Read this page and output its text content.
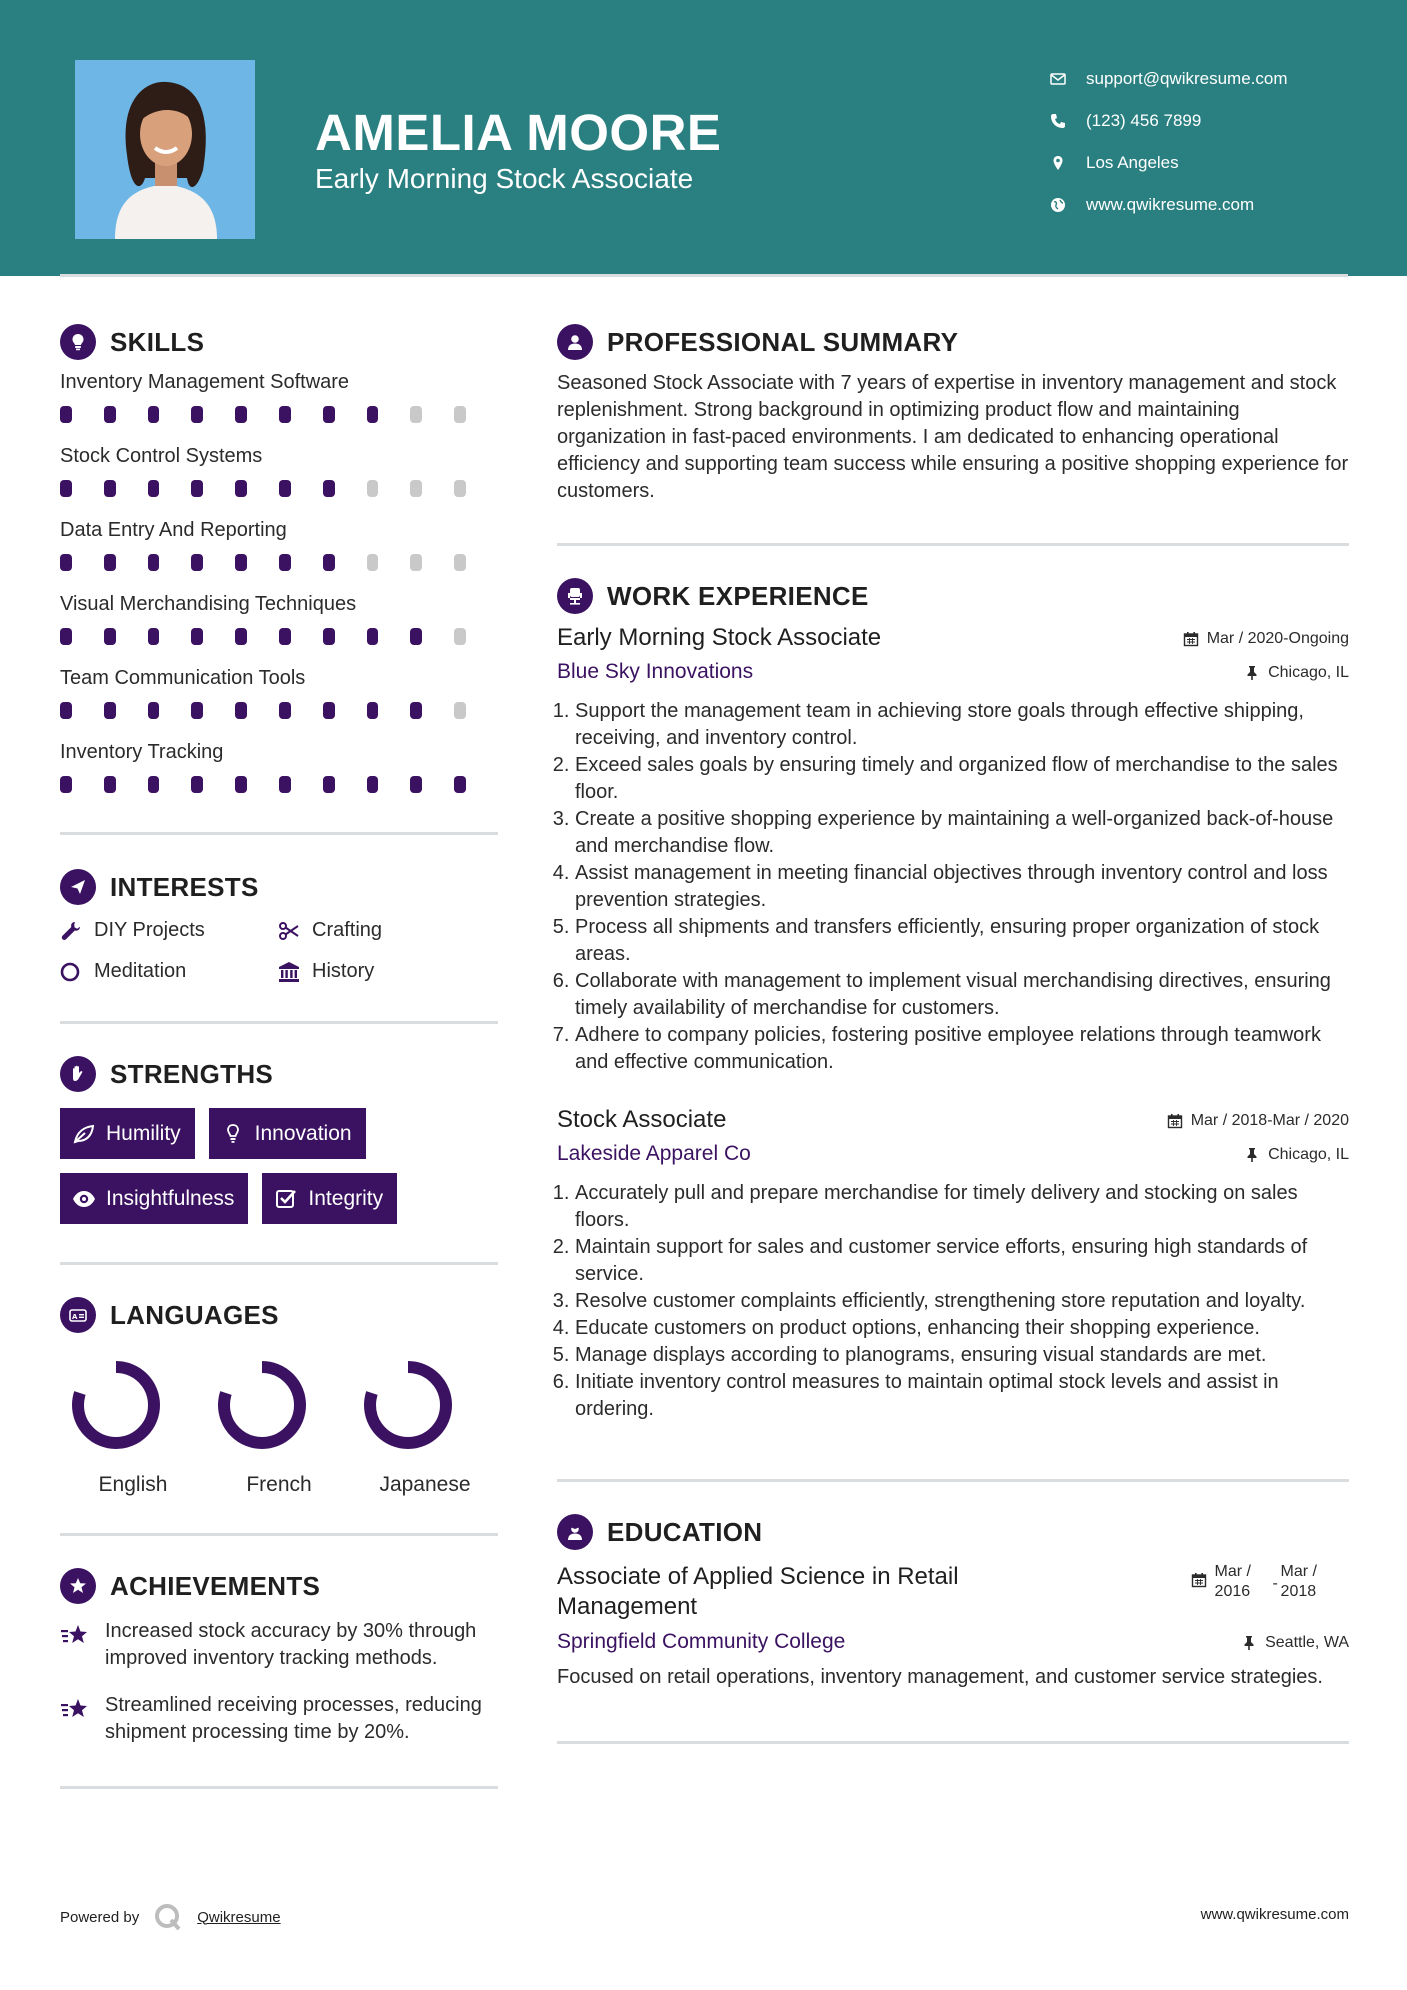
AMELIA MOORE
Early Morning Stock Associate
support@qwikresume.com
(123) 456 7899
Los Angeles
www.qwikresume.com
SKILLS
Inventory Management Software
Stock Control Systems
Data Entry And Reporting
Visual Merchandising Techniques
Team Communication Tools
Inventory Tracking
INTERESTS
DIY Projects	Crafting
Meditation	History
STRENGTHS
Humility	Innovation
Insightfulness	Integrity
A LANGUAGES
English	French	Japanese
ACHIEVEMENTS
Increased stock accuracy by 30% through improved inventory tracking methods.
Streamlined receiving processes, reducing shipment processing time by 20%.
PROFESSIONAL SUMMARY
Seasoned Stock Associate with 7 years of expertise in inventory management and stock replenishment. Strong background in optimizing product flow and maintaining organization in fast-paced environments. I am dedicated to enhancing operational efficiency and supporting team success while ensuring a positive shopping experience for customers.
WORK EXPERIENCE
Early Morning Stock Associate	Mar / 2020-Ongoing
Blue Sky Innovations	Chicago, IL
1. Support the management team in achieving store goals through effective shipping, receiving, and inventory control.
2. Exceed sales goals by ensuring timely and organized flow of merchandise to the sales floor.
3. Create a positive shopping experience by maintaining a well-organized back-of-house and merchandise flow.
4. Assist management in meeting financial objectives through inventory control and loss prevention strategies.
5. Process all shipments and transfers efficiently, ensuring proper organization of stock areas.
6. Collaborate with management to implement visual merchandising directives, ensuring timely availability of merchandise for customers.
7. Adhere to company policies, fostering positive employee relations through teamwork and effective communication.
Stock Associate	Mar / 2018-Mar / 2020
Lakeside Apparel Co	Chicago, IL
1. Accurately pull and prepare merchandise for timely delivery and stocking on sales floors.
2. Maintain support for sales and customer service efforts, ensuring high standards of service.
3. Resolve customer complaints efficiently, strengthening store reputation and loyalty.
4. Educate customers on product options, enhancing their shopping experience.
5. Manage displays according to planograms, ensuring visual standards are met.
6. Initiate inventory control measures to maintain optimal stock levels and assist in ordering.
EDUCATION
Associate of Applied Science in Retail Management
Mar /
2016	-
Mar /
2018
Springfield Community College	Seattle, WA
Focused on retail operations, inventory management, and customer service strategies.
Powered by	Qwikresume	www.qwikresume.com
